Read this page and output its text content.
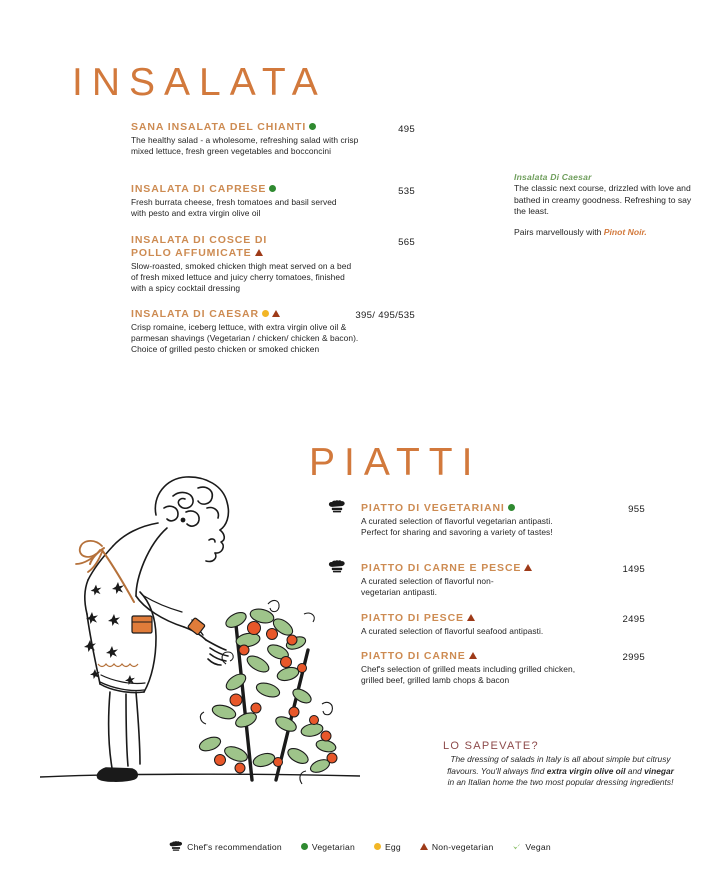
INSALATA
SANA INSALATA DEL CHIANTI

The healthy salad - a wholesome, refreshing salad with crisp mixed lettuce, fresh green vegetables and bocconcini

495
INSALATA DI CAPRESE

Fresh burrata cheese, fresh tomatoes and basil served with pesto and extra virgin olive oil

535
INSALATA DI COSCE DI POLLO AFFUMICATE

Slow-roasted, smoked chicken thigh meat served on a bed of fresh mixed lettuce and juicy cherry tomatoes, finished with a spicy cocktail dressing

565
INSALATA DI CAESAR

Crisp romaine, iceberg lettuce, with extra virgin olive oil & parmesan shavings (Vegetarian / chicken/ chicken & bacon). Choice of grilled pesto chicken or smoked chicken

395/ 495/535

Insalata Di Caesar

The classic next course, drizzled with love and bathed in creamy goodness. Refreshing to say the least.

Pairs marvellously with Pinot Noir.

PIATTI
PIATTO DI VEGETARIANI

A curated selection of flavorful vegetarian antipasti. Perfect for sharing and savoring a variety of tastes!

955
PIATTO DI CARNE E PESCE

A curated selection of flavorful non-vegetarian antipasti.

1495
PIATTO DI PESCE

A curated selection of flavorful seafood antipasti.

2495
PIATTO DI CARNE

Chef's selection of grilled meats including grilled chicken, grilled beef, grilled lamb chops & bacon

2995

LO SAPEVATE?

The dressing of salads in Italy is all about simple but citrusy flavours. You'll always find extra virgin olive oil and vinegar in an Italian home the two most popular dressing ingredients!

Chef's recommendation	Vegetarian	Egg	Non-vegetarian	Vegan
